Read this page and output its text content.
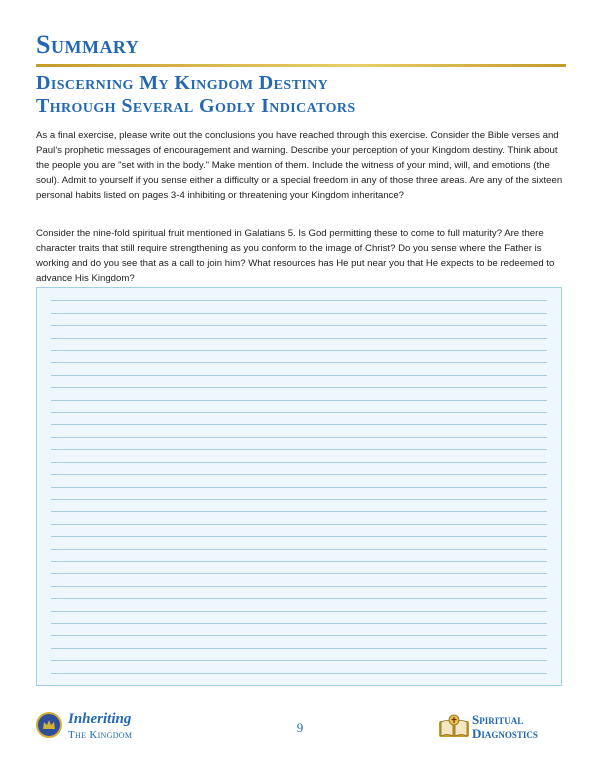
Summary
Discerning My Kingdom Destiny
Through Several Godly Indicators

As a final exercise, please write out the conclusions you have reached through this exercise. Consider the Bible verses and Paul’s prophetic messages of encouragement and warning. Describe your perception of your Kingdom destiny. Think about the people you are "set with in the body." Make mention of them. Include the witness of your mind, will, and emotions (the soul). Admit to yourself if you sense either a difficulty or a special freedom in any of those three areas. Are any of the sixteen personal habits listed on pages 3-4 inhibiting or threatening your Kingdom inheritance?

Consider the nine-fold spiritual fruit mentioned in Galatians 5. Is God permitting these to come to full maturity? Are there character traits that still require strengthening as you conform to the image of Christ? Do you sense where the Father is working and do you see that as a call to join him? What resources has He put near you that He expects to be redeemed to advance His Kingdom?

Inheriting

The Kingdom	9

Spiritual

Diagnostics
